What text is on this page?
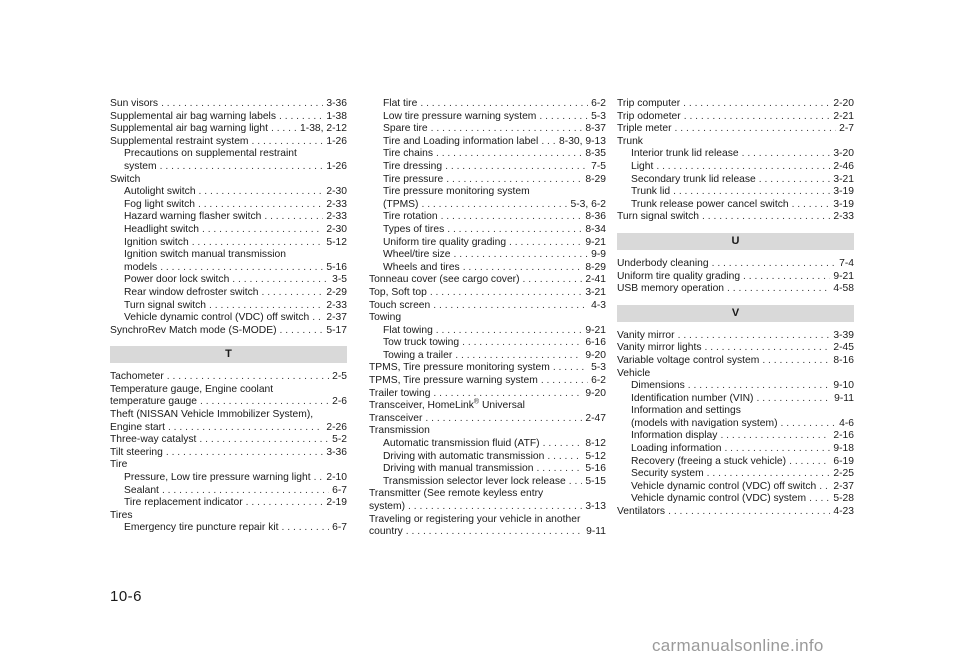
Sun visors . . .	3-36
Supplemental air bag warning labels . . .	1-38
Supplemental air bag warning light . . .	1-38, 2-12
Supplemental restraint system . . .	1-26
Precautions on supplemental restraint
system . . .	1-26
Switch
Autolight switch . . .	2-30
Fog light switch . . .	2-33
Hazard warning flasher switch . . .	2-33
Headlight switch . . .	2-30
Ignition switch . . .	5-12
Ignition switch manual transmission
models . . .	5-16
Power door lock switch . . .	3-5
Rear window defroster switch . . .	2-29
Turn signal switch . . .	2-33
Vehicle dynamic control (VDC) off switch . . . 2-37
SynchroRev Match mode (S-MODE) . . .	5-17
T
Tachometer . . .	2-5
Temperature gauge, Engine coolant
temperature gauge . . .	2-6
Theft (NISSAN Vehicle Immobilizer System),
Engine start . . .	2-26
Three-way catalyst . . .	5-2
Tilt steering . . .	3-36
Tire
Pressure, Low tire pressure warning light . . . 2-10
Sealant . . .	6-7
Tire replacement indicator . . .	2-19
Tires
Emergency tire puncture repair kit . . .	6-7
Flat tire . . .	6-2
Low tire pressure warning system . . .	5-3
Spare tire . . .	8-37
Tire and Loading information label . . . 8-30, 9-13
Tire chains . . .	8-35
Tire dressing . . .	7-5
Tire pressure . . .	8-29
Tire pressure monitoring system
(TPMS) . . .	5-3, 6-2
Tire rotation . . .	8-36
Types of tires . . .	8-34
Uniform tire quality grading . . .	9-21
Wheel/tire size . . .	9-9
Wheels and tires . . .	8-29
Tonneau cover (see cargo cover) . . .	2-41
Top, Soft top . . .	3-21
Touch screen . . .	4-3
Towing
Flat towing . . .	9-21
Tow truck towing . . .	6-16
Towing a trailer . . .	9-20
TPMS, Tire pressure monitoring system . . .	5-3
TPMS, Tire pressure warning system . . .	6-2
Trailer towing . . .	9-20
Transceiver, HomeLink® Universal
Transceiver . . .	2-47
Transmission
Automatic transmission fluid (ATF) . . .	8-12
Driving with automatic transmission . . .	5-12
Driving with manual transmission . . .	5-16
Transmission selector lever lock release . . . 5-15
Transmitter (See remote keyless entry
system) . . .	3-13
Traveling or registering your vehicle in another
country . . .	9-11
Trip computer . . .	2-20
Trip odometer . . .	2-21
Triple meter . . .	2-7
Trunk
Interior trunk lid release . . .	3-20
Light . . .	2-46
Secondary trunk lid release . . .	3-21
Trunk lid . . .	3-19
Trunk release power cancel switch . . .	3-19
Turn signal switch . . .	2-33
U
Underbody cleaning . . .	7-4
Uniform tire quality grading . . .	9-21
USB memory operation . . .	4-58
V
Vanity mirror . . .	3-39
Vanity mirror lights . . .	2-45
Variable voltage control system . . .	8-16
Vehicle
Dimensions . . .	9-10
Identification number (VIN) . . .	9-11
Information and settings
(models with navigation system) . . .	4-6
Information display . . .	2-16
Loading information . . .	9-18
Recovery (freeing a stuck vehicle) . . .	6-19
Security system . . .	2-25
Vehicle dynamic control (VDC) off switch . . . 2-37
Vehicle dynamic control (VDC) system . . .	5-28
Ventilators . . .	4-23
10-6
carmanualsonline.info
